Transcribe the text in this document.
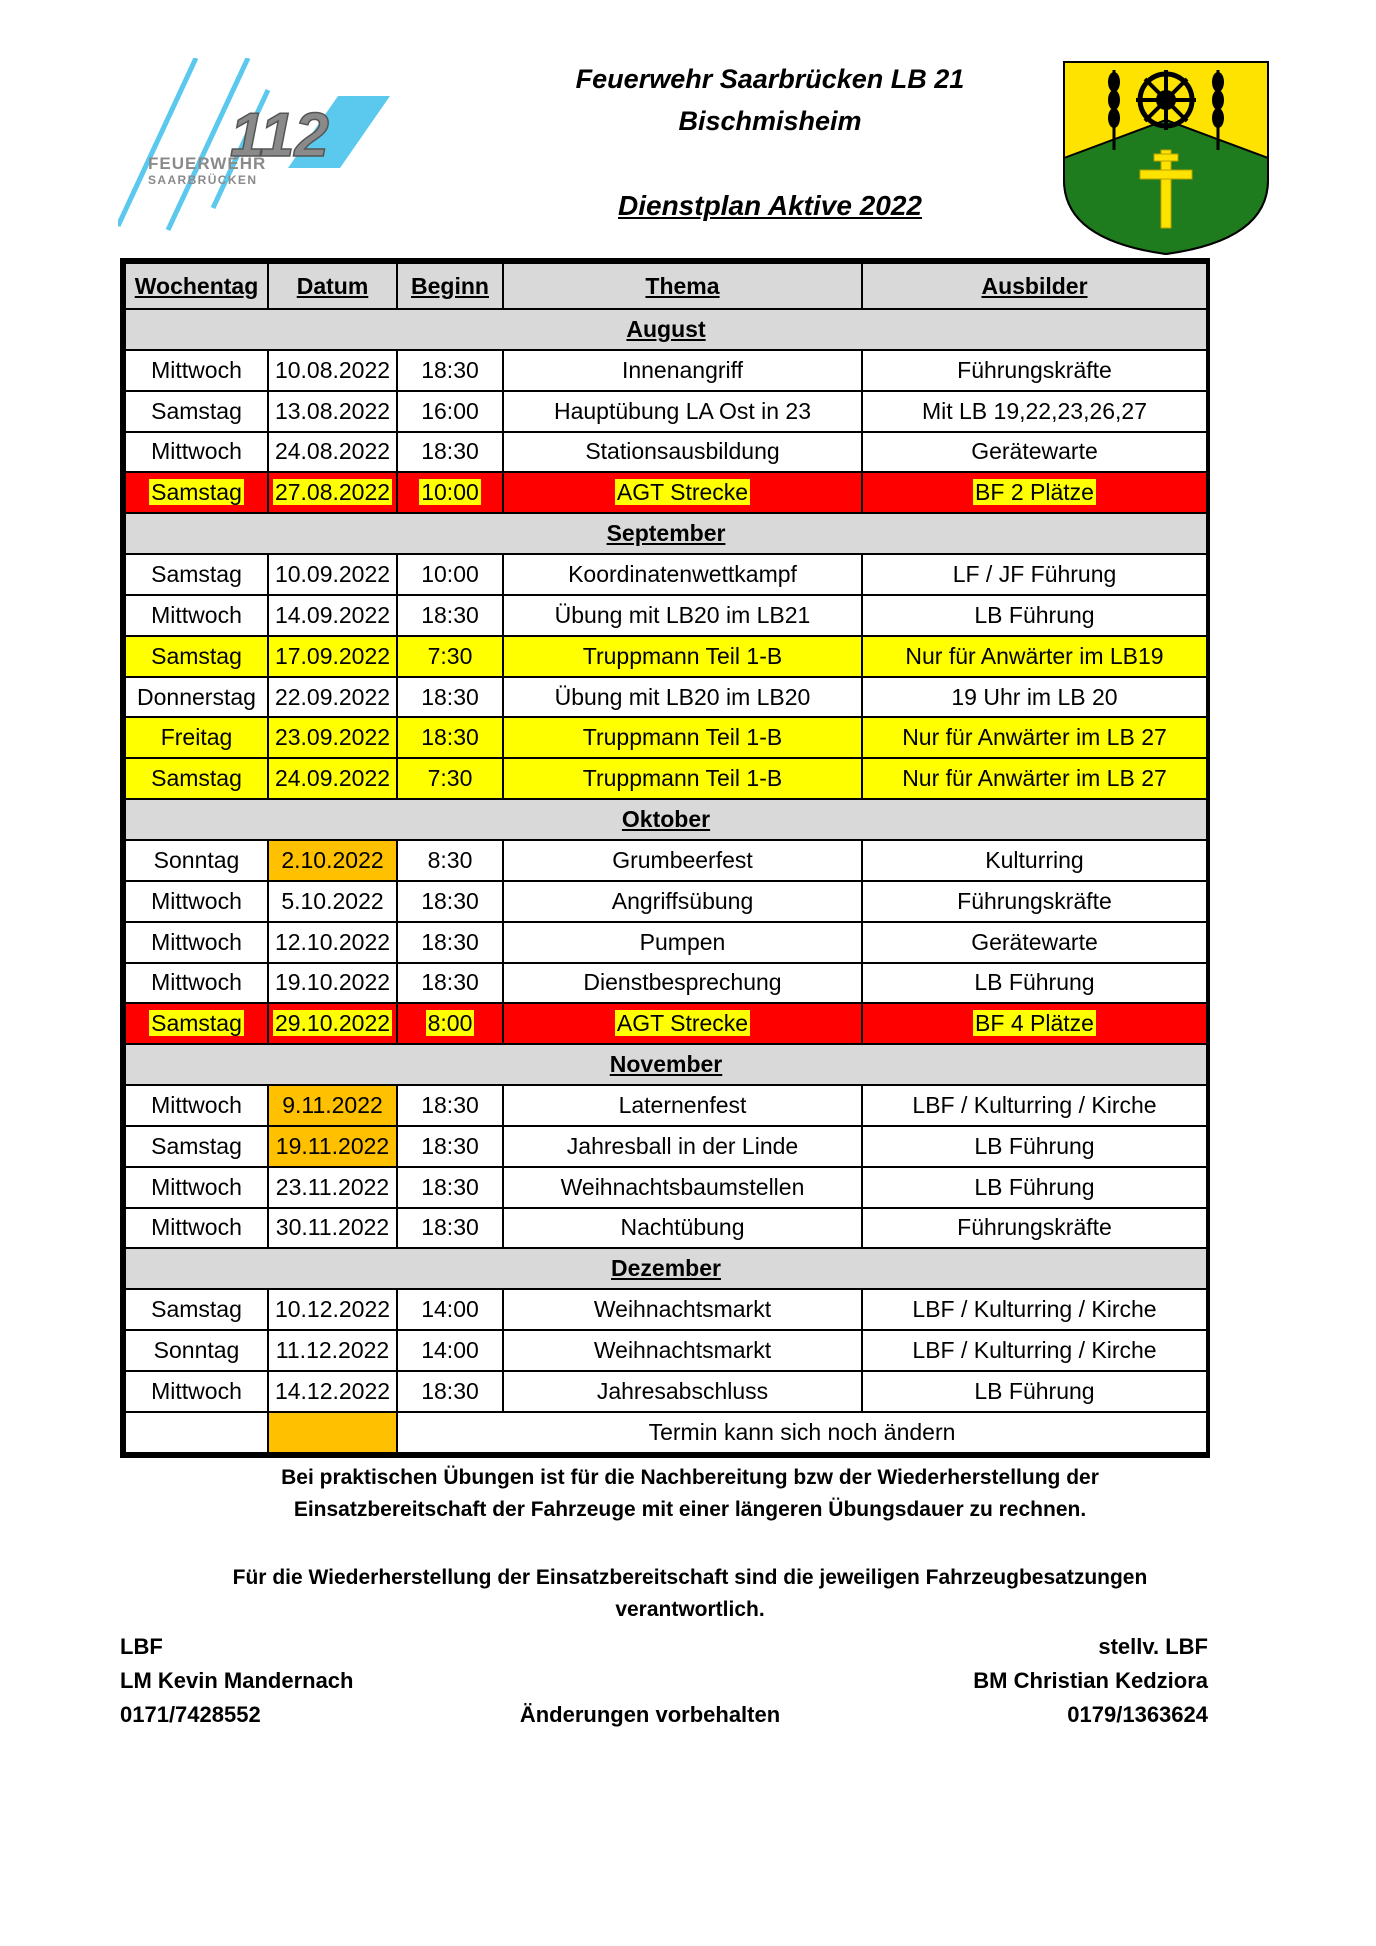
112
FEUERWEHR
SAARBRÜCKEN
Feuerwehr Saarbrücken LB 21
Bischmisheim
Dienstplan Aktive 2022
Wochentag	Datum	Beginn	Thema	Ausbilder
August				
Mittwoch	10.08.2022	18:30	Innenangriff	Führungskräfte
Samstag	13.08.2022	16:00	Hauptübung LA Ost in 23	Mit LB 19,22,23,26,27
Mittwoch	24.08.2022	18:30	Stationsausbildung	Gerätewarte
Samstag	27.08.2022	10:00	AGT Strecke	BF 2 Plätze
September				
Samstag	10.09.2022	10:00	Koordinatenwettkampf	LF / JF Führung
Mittwoch	14.09.2022	18:30	Übung mit LB20 im LB21	LB Führung
Samstag	17.09.2022	7:30	Truppmann Teil 1-B	Nur für Anwärter im LB19
Donnerstag	22.09.2022	18:30	Übung mit LB20 im LB20	19 Uhr im LB 20
Freitag	23.09.2022	18:30	Truppmann Teil 1-B	Nur für Anwärter im LB 27
Samstag	24.09.2022	7:30	Truppmann Teil 1-B	Nur für Anwärter im LB 27
Oktober				
Sonntag	2.10.2022	8:30	Grumbeerfest	Kulturring
Mittwoch	5.10.2022	18:30	Angriffsübung	Führungskräfte
Mittwoch	12.10.2022	18:30	Pumpen	Gerätewarte
Mittwoch	19.10.2022	18:30	Dienstbesprechung	LB Führung
Samstag	29.10.2022	8:00	AGT Strecke	BF 4 Plätze
November				
Mittwoch	9.11.2022	18:30	Laternenfest	LBF / Kulturring / Kirche
Samstag	19.11.2022	18:30	Jahresball in der Linde	LB Führung
Mittwoch	23.11.2022	18:30	Weihnachtsbaumstellen	LB Führung
Mittwoch	30.11.2022	18:30	Nachtübung	Führungskräfte
Dezember				
Samstag	10.12.2022	14:00	Weihnachtsmarkt	LBF / Kulturring / Kirche
Sonntag	11.12.2022	14:00	Weihnachtsmarkt	LBF / Kulturring / Kirche
Mittwoch	14.12.2022	18:30	Jahresabschluss	LB Führung
		Termin kann sich noch ändern		
Bei praktischen Übungen ist für die Nachbereitung bzw der Wiederherstellung der
Einsatzbereitschaft der Fahrzeuge mit einer längeren Übungsdauer zu rechnen.
Für die Wiederherstellung der Einsatzbereitschaft sind die jeweiligen Fahrzeugbesatzungen
verantwortlich.
LBF
LM Kevin Mandernach
0171/7428552	Änderungen vorbehalten
stellv. LBF
BM Christian Kedziora
0179/1363624
